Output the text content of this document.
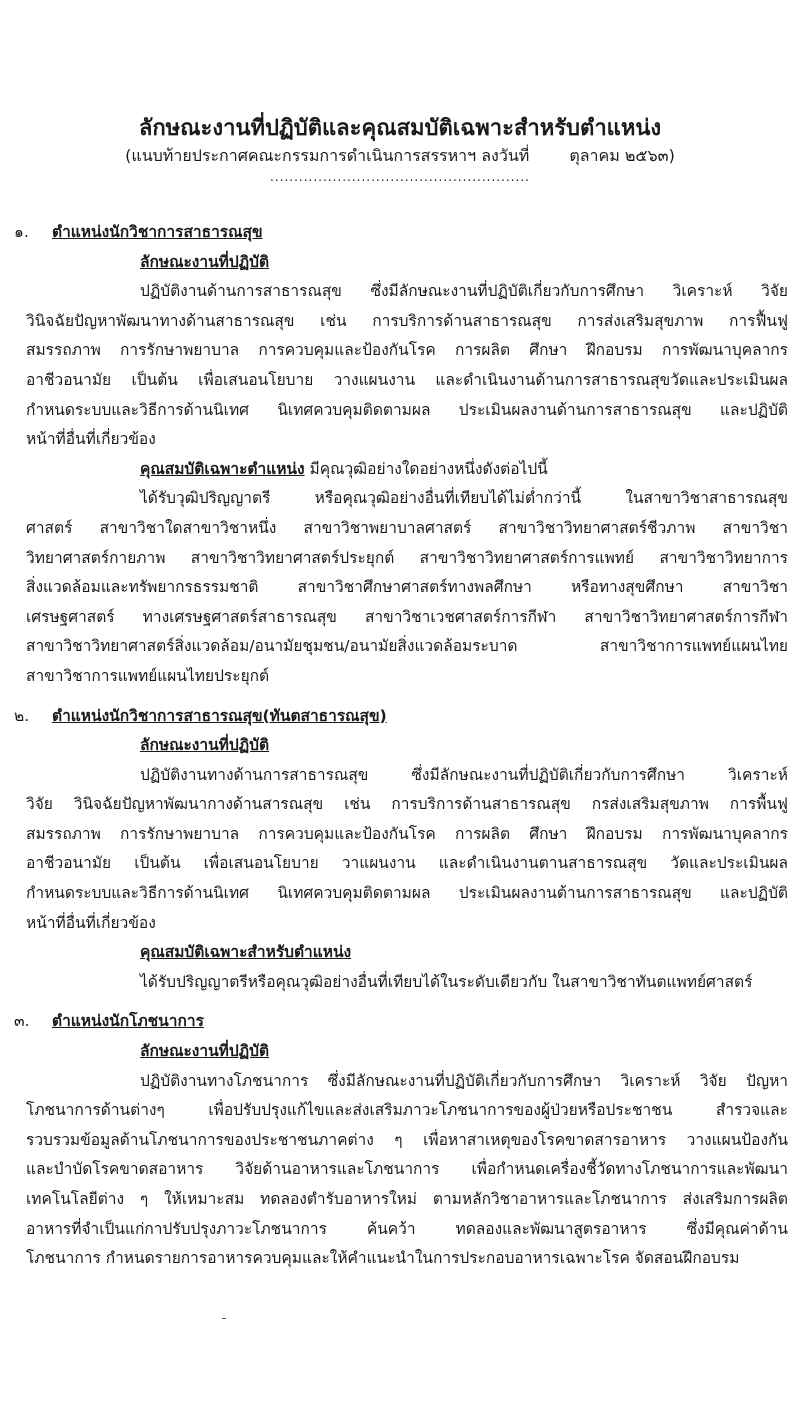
ลักษณะงานที่ปฏิบัติและคุณสมบัติเฉพาะสำหรับตำแหน่ง
(แนบท้ายประกาศคณะกรรมการดำเนินการสรรหาฯ ลงวันที่	ตุลาคม ๒๕๖๓)
......................................................
๑. ตำแหน่งนักวิชาการสาธารณสุข
ลักษณะงานที่ปฏิบัติ
ปฏิบัติงานด้านการสาธารณสุข ซึ่งมีลักษณะงานที่ปฏิบัติเกี่ยวกับการศึกษา วิเคราะห์ วิจัย
วินิจฉัยปัญหาพัฒนาทางด้านสาธารณสุข เช่น การบริการด้านสาธารณสุข การส่งเสริมสุขภาพ การฟื้นฟู
สมรรถภาพ การรักษาพยาบาล การควบคุมและป้องกันโรค การผลิต ศึกษา ฝึกอบรม การพัฒนาบุคลากร
อาชีวอนามัย เป็นต้น เพื่อเสนอนโยบาย วางแผนงาน และดำเนินงานด้านการสาธารณสุขวัดและประเมินผล
กำหนดระบบและวิธีการด้านนิเทศ นิเทศควบคุมติดตามผล ประเมินผลงานด้านการสาธารณสุข และปฏิบัติ
หน้าที่อื่นที่เกี่ยวข้อง
คุณสมบัติเฉพาะตำแหน่ง มีคุณวุฒิอย่างใดอย่างหนึ่งดังต่อไปนี้
ได้รับวุฒิปริญญาตรี หรือคุณวุฒิอย่างอื่นที่เทียบได้ไม่ต่ำกว่านี้ ในสาขาวิชาสาธารณสุข
ศาสตร์ สาขาวิชาใดสาขาวิชาหนึ่ง สาขาวิชาพยาบาลศาสตร์ สาขาวิชาวิทยาศาสตร์ชีวภาพ สาขาวิชา
วิทยาศาสตร์กายภาพ สาขาวิชาวิทยาศาสตร์ประยุกต์ สาขาวิชาวิทยาศาสตร์การแพทย์ สาขาวิชาวิทยาการ
สิ่งแวดล้อมและทรัพยากรธรรมชาติ สาขาวิชาศึกษาศาสตร์ทางพลศึกษา หรือทางสุขศึกษา สาขาวิชา
เศรษฐศาสตร์ ทางเศรษฐศาสตร์สาธารณสุข สาขาวิชาเวชศาสตร์การกีฬา สาขาวิชาวิทยาศาสตร์การกีฬา
สาขาวิชาวิทยาศาสตร์สิ่งแวดล้อม/อนามัยชุมชน/อนามัยสิ่งแวดล้อมระบาด สาขาวิชาการแพทย์แผนไทย
สาขาวิชาการแพทย์แผนไทยประยุกต์
๒. ตำแหน่งนักวิชาการสาธารณสุข(ทันตสาธารณสุข)
ลักษณะงานที่ปฏิบัติ
ปฏิบัติงานทางด้านการสาธารณสุข ซึ่งมีลักษณะงานที่ปฏิบัติเกี่ยวกับการศึกษา วิเคราะห์
วิจัย วินิจฉัยปัญหาพัฒนากางด้านสารณสุข เช่น การบริการด้านสาธารณสุข กรส่งเสริมสุขภาพ การพื้นฟู
สมรรถภาพ การรักษาพยาบาล การควบคุมและป้องกันโรค การผลิต ศึกษา ฝึกอบรม การพัฒนาบุคลากร
อาชีวอนามัย เป็นต้น เพื่อเสนอนโยบาย วาแผนงาน และดำเนินงานตานสาธารณสุข วัดและประเมินผล
กำหนดระบบและวิธีการด้านนิเทศ นิเทศควบคุมติดตามผล ประเมินผลงานต้านการสาธารณสุข และปฏิบัติ
หน้าที่อื่นที่เกี่ยวข้อง
คุณสมบัติเฉพาะสำหรับตำแหน่ง
ได้รับปริญญาตรีหรือคุณวุฒิอย่างอื่นที่เทียบได้ในระดับเดียวกับ ในสาขาวิชาทันตแพทย์ศาสตร์
๓. ตำแหน่งนักโภชนาการ
ลักษณะงานที่ปฏิบัติ
ปฏิบัติงานทางโภชนาการ ซึ่งมีลักษณะงานที่ปฏิบัติเกี่ยวกับการศึกษา วิเคราะห์ วิจัย ปัญหา
โภชนาการด้านต่างๆ เพื่อปรับปรุงแก้ไขและส่งเสริมภาวะโภชนาการของผู้ป่วยหรือประชาชน สำรวจและ
รวบรวมข้อมูลด้านโภชนาการของประชาชนภาคต่าง ๆ เพื่อหาสาเหตุของโรคขาดสารอาหาร วางแผนป้องกัน
และบำบัดโรคขาดสอาหาร วิจัยด้านอาหารและโภชนาการ เพื่อกำหนดเครื่องชี้วัดทางโภชนาการและพัฒนา
เทคโนโลยีต่าง ๆ ให้เหมาะสม ทดลองตำรับอาหารใหม่ ตามหลักวิชาอาหารและโภชนาการ ส่งเสริมการผลิต
อาหารที่จำเป็นแก่กาปรับปรุงภาวะโภชนาการ ค้นคว้า ทดลองและพัฒนาสูตรอาหาร ซึ่งมีคุณค่าด้าน
โภชนาการ กำหนดรายการอาหารควบคุมและให้คำแนะนำในการประกอบอาหารเฉพาะโรค จัดสอนฝึกอบรม
